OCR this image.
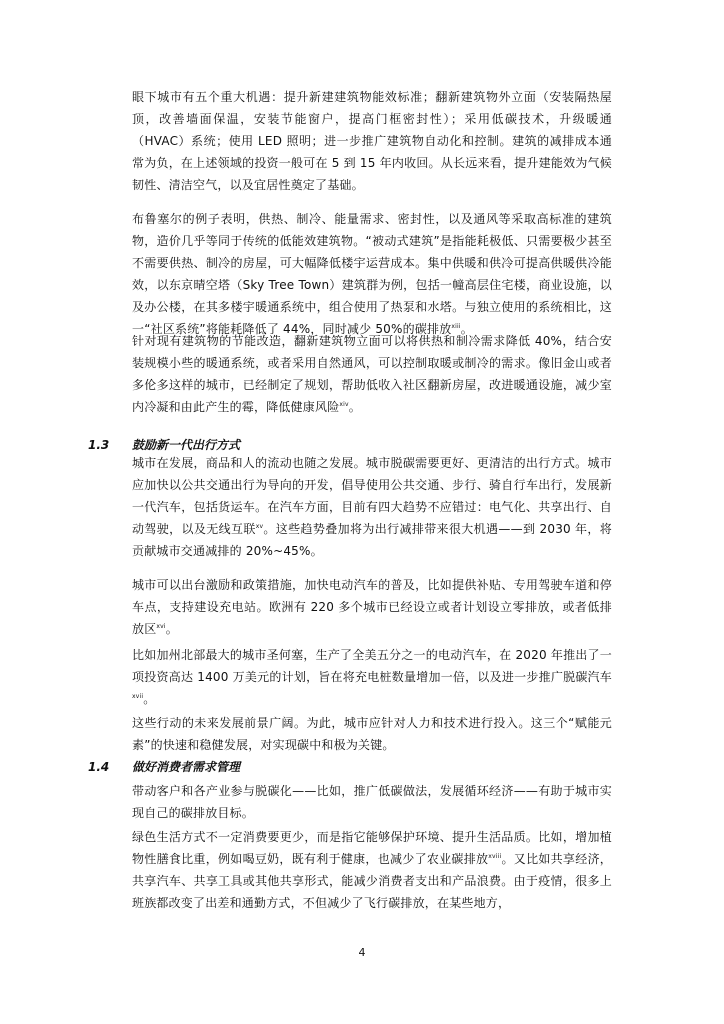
眼下城市有五个重大机遇：提升新建建筑物能效标准；翻新建筑物外立面（安装隔热屋顶，改善墙面保温，安装节能窗户，提高门框密封性）；采用低碳技术，升级暖通（HVAC）系统；使用 LED 照明；进一步推广建筑物自动化和控制。建筑的减排成本通常为负，在上述领域的投资一般可在 5 到 15 年内收回。从长远来看，提升建能效为气候韧性、清洁空气，以及宜居性奠定了基础。

布鲁塞尔的例子表明，供热、制冷、能量需求、密封性，以及通风等采取高标准的建筑物，造价几乎等同于传统的低能效建筑物。“被动式建筑”是指能耗极低、只需要极少甚至不需要供热、制冷的房屋，可大幅降低楼宇运营成本。集中供暖和供冷可提高供暖供冷能效，以东京晴空塔（Sky Tree Town）建筑群为例，包括一幢高层住宅楼，商业设施，以及办公楼，在其多楼宇暖通系统中，组合使用了热泵和水塔。与独立使用的系统相比，这一“社区系统”将能耗降低了 44%，同时减少 50%的碳排放$^{xiii}$。

针对现有建筑物的节能改造，翻新建筑物立面可以将供热和制冷需求降低 40%，结合安装规模小些的暖通系统，或者采用自然通风，可以控制取暖或制冷的需求。像旧金山或者多伦多这样的城市，已经制定了规划，帮助低收入社区翻新房屋，改进暖通设施，减少室内冷凝和由此产生的霉，降低健康风险$^{xiv}$。

1.3 鼓励新一代出行方式

城市在发展，商品和人的流动也随之发展。城市脱碳需要更好、更清洁的出行方式。城市应加快以公共交通出行为导向的开发，倡导使用公共交通、步行、骑自行车出行，发展新一代汽车，包括货运车。在汽车方面，目前有四大趋势不应错过：电气化、共享出行、自动驾驶，以及无线互联$^{xv}$。这些趋势叠加将为出行减排带来很大机遇——到 2030 年，将贡献城市交通减排的 20%~45%。

城市可以出台激励和政策措施，加快电动汽车的普及，比如提供补贴、专用驾驶车道和停车点，支持建设充电站。欧洲有 220 多个城市已经设立或者计划设立零排放，或者低排放区$^{xvi}$。

比如加州北部最大的城市圣何塞，生产了全美五分之一的电动汽车，在 2020 年推出了一项投资高达 1400 万美元的计划，旨在将充电桩数量增加一倍，以及进一步推广脱碳汽车$^{xvii}$。

这些行动的未来发展前景广阔。为此，城市应针对人力和技术进行投入。这三个“赋能元素”的快速和稳健发展，对实现碳中和极为关键。

1.4 做好消费者需求管理

带动客户和各产业参与脱碳化——比如，推广低碳做法，发展循环经济——有助于城市实现自己的碳排放目标。

绿色生活方式不一定消费要更少，而是指它能够保护环境、提升生活品质。比如，增加植物性膳食比重，例如喝豆奶，既有利于健康，也减少了农业碳排放$^{xviii}$。又比如共享经济，共享汽车、共享工具或其他共享形式，能减少消费者支出和产品浪费。由于疫情，很多上班族都改变了出差和通勤方式，不但减少了飞行碳排放，在某些地方，

4
